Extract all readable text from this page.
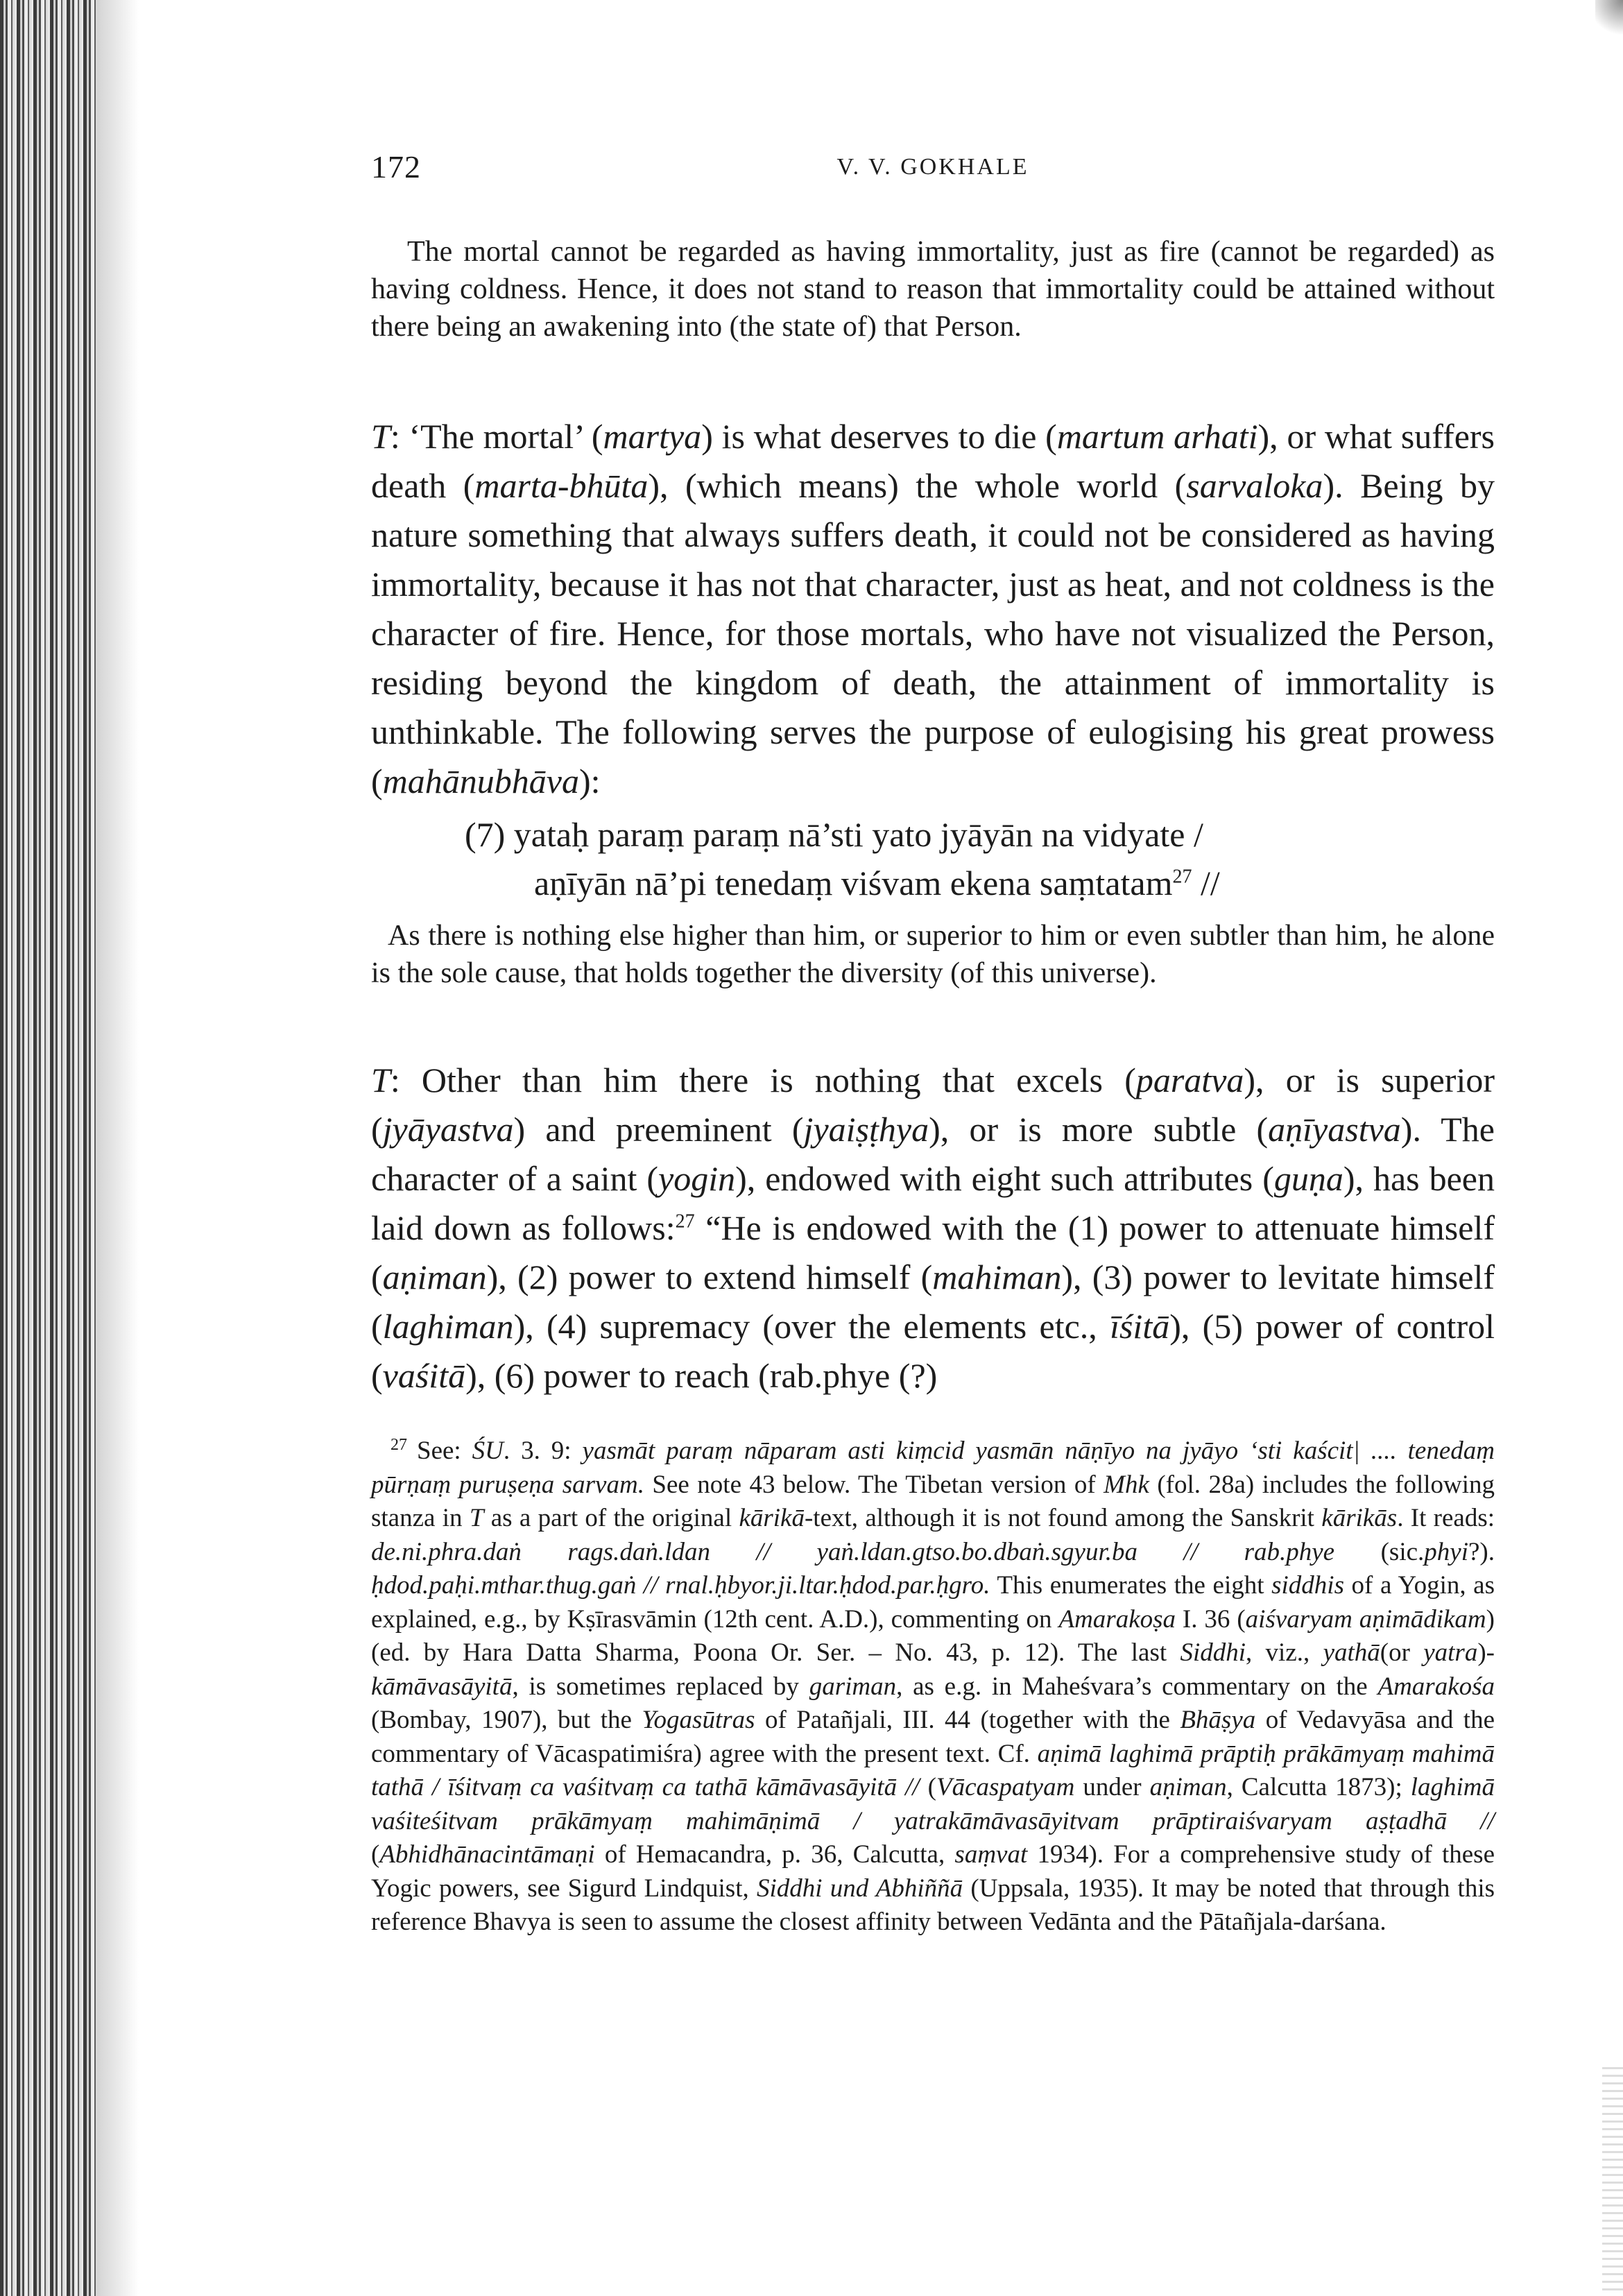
172	V. V. GOKHALE

The mortal cannot be regarded as having immortality, just as fire (cannot be regarded) as having coldness. Hence, it does not stand to reason that immortality could be attained without there being an awakening into (the state of) that Person.

T: ‘The mortal’ (martya) is what deserves to die (martum arhati), or what suffers death (marta-bhūta), (which means) the whole world (sarvaloka). Being by nature something that always suffers death, it could not be considered as having immortality, because it has not that character, just as heat, and not coldness is the character of fire. Hence, for those mortals, who have not visualized the Person, residing beyond the kingdom of death, the attainment of immortality is unthinkable. The following serves the purpose of eulogising his great prowess (mahānubhāva):

(7) yataḥ paraṃ paraṃ nā’sti yato jyāyān na vidyate /
aṇīyān nā’pi tenedaṃ viśvam ekena saṃtatam$^{27}$ //

As there is nothing else higher than him, or superior to him or even subtler than him, he alone is the sole cause, that holds together the diversity (of this universe).

T: Other than him there is nothing that excels (paratva), or is superior (jyāyastva) and preeminent (jyaiṣṭhya), or is more subtle (aṇīyastva). The character of a saint (yogin), endowed with eight such attributes (guṇa), has been laid down as follows:$^{27}$ “He is endowed with the (1) power to attenuate himself (aṇiman), (2) power to extend himself (mahiman), (3) power to levitate himself (laghiman), (4) supremacy (over the elements etc., īśitā), (5) power of control (vaśitā), (6) power to reach (rab.phye (?)

$^{27}$ See: ŚU. 3. 9: yasmāt paraṃ nāparam asti kiṃcid yasmān nāṇīyo na jyāyo ‘sti kaścit| .... tenedaṃ pūrṇaṃ puruṣeṇa sarvam. See note 43 below. The Tibetan version of Mhk (fol. 28a) includes the following stanza in T as a part of the original kārikā-text, although it is not found among the Sanskrit kārikās. It reads: de.ni.phra.daṅ rags.daṅ.ldan // yaṅ.ldan.gtso.bo.dbaṅ.sgyur.ba // rab.phye (sic.phyi?). ḥdod.paḥi.mthar.thug.gaṅ // rnal.ḥbyor.ji.ltar.ḥdod.par.ḥgro. This enumerates the eight siddhis of a Yogin, as explained, e.g., by Kṣīrasvāmin (12th cent. A.D.), commenting on Amarakoṣa I. 36 (aiśvaryam aṇimādikam) (ed. by Hara Datta Sharma, Poona Or. Ser. – No. 43, p. 12). The last Siddhi, viz., yathā(or yatra)-kāmāvasāyitā, is sometimes replaced by gariman, as e.g. in Maheśvara’s commentary on the Amarakośa (Bombay, 1907), but the Yogasūtras of Patañjali, III. 44 (together with the Bhāṣya of Vedavyāsa and the commentary of Vācaspatimiśra) agree with the present text. Cf. aṇimā laghimā prāptiḥ prākāmyaṃ mahimā tathā / īśitvaṃ ca vaśitvaṃ ca tathā kāmāvasāyitā // (Vācaspatyam under aṇiman, Calcutta 1873); laghimā vaśiteśitvam prākāmyaṃ mahimāṇimā / yatrakāmāvasāyitvam prāptiraiśvaryam aṣṭadhā // (Abhidhānacintāmaṇi of Hemacandra, p. 36, Calcutta, saṃvat 1934). For a comprehensive study of these Yogic powers, see Sigurd Lindquist, Siddhi und Abhiññā (Uppsala, 1935). It may be noted that through this reference Bhavya is seen to assume the closest affinity between Vedānta and the Pātañjala-darśana.
